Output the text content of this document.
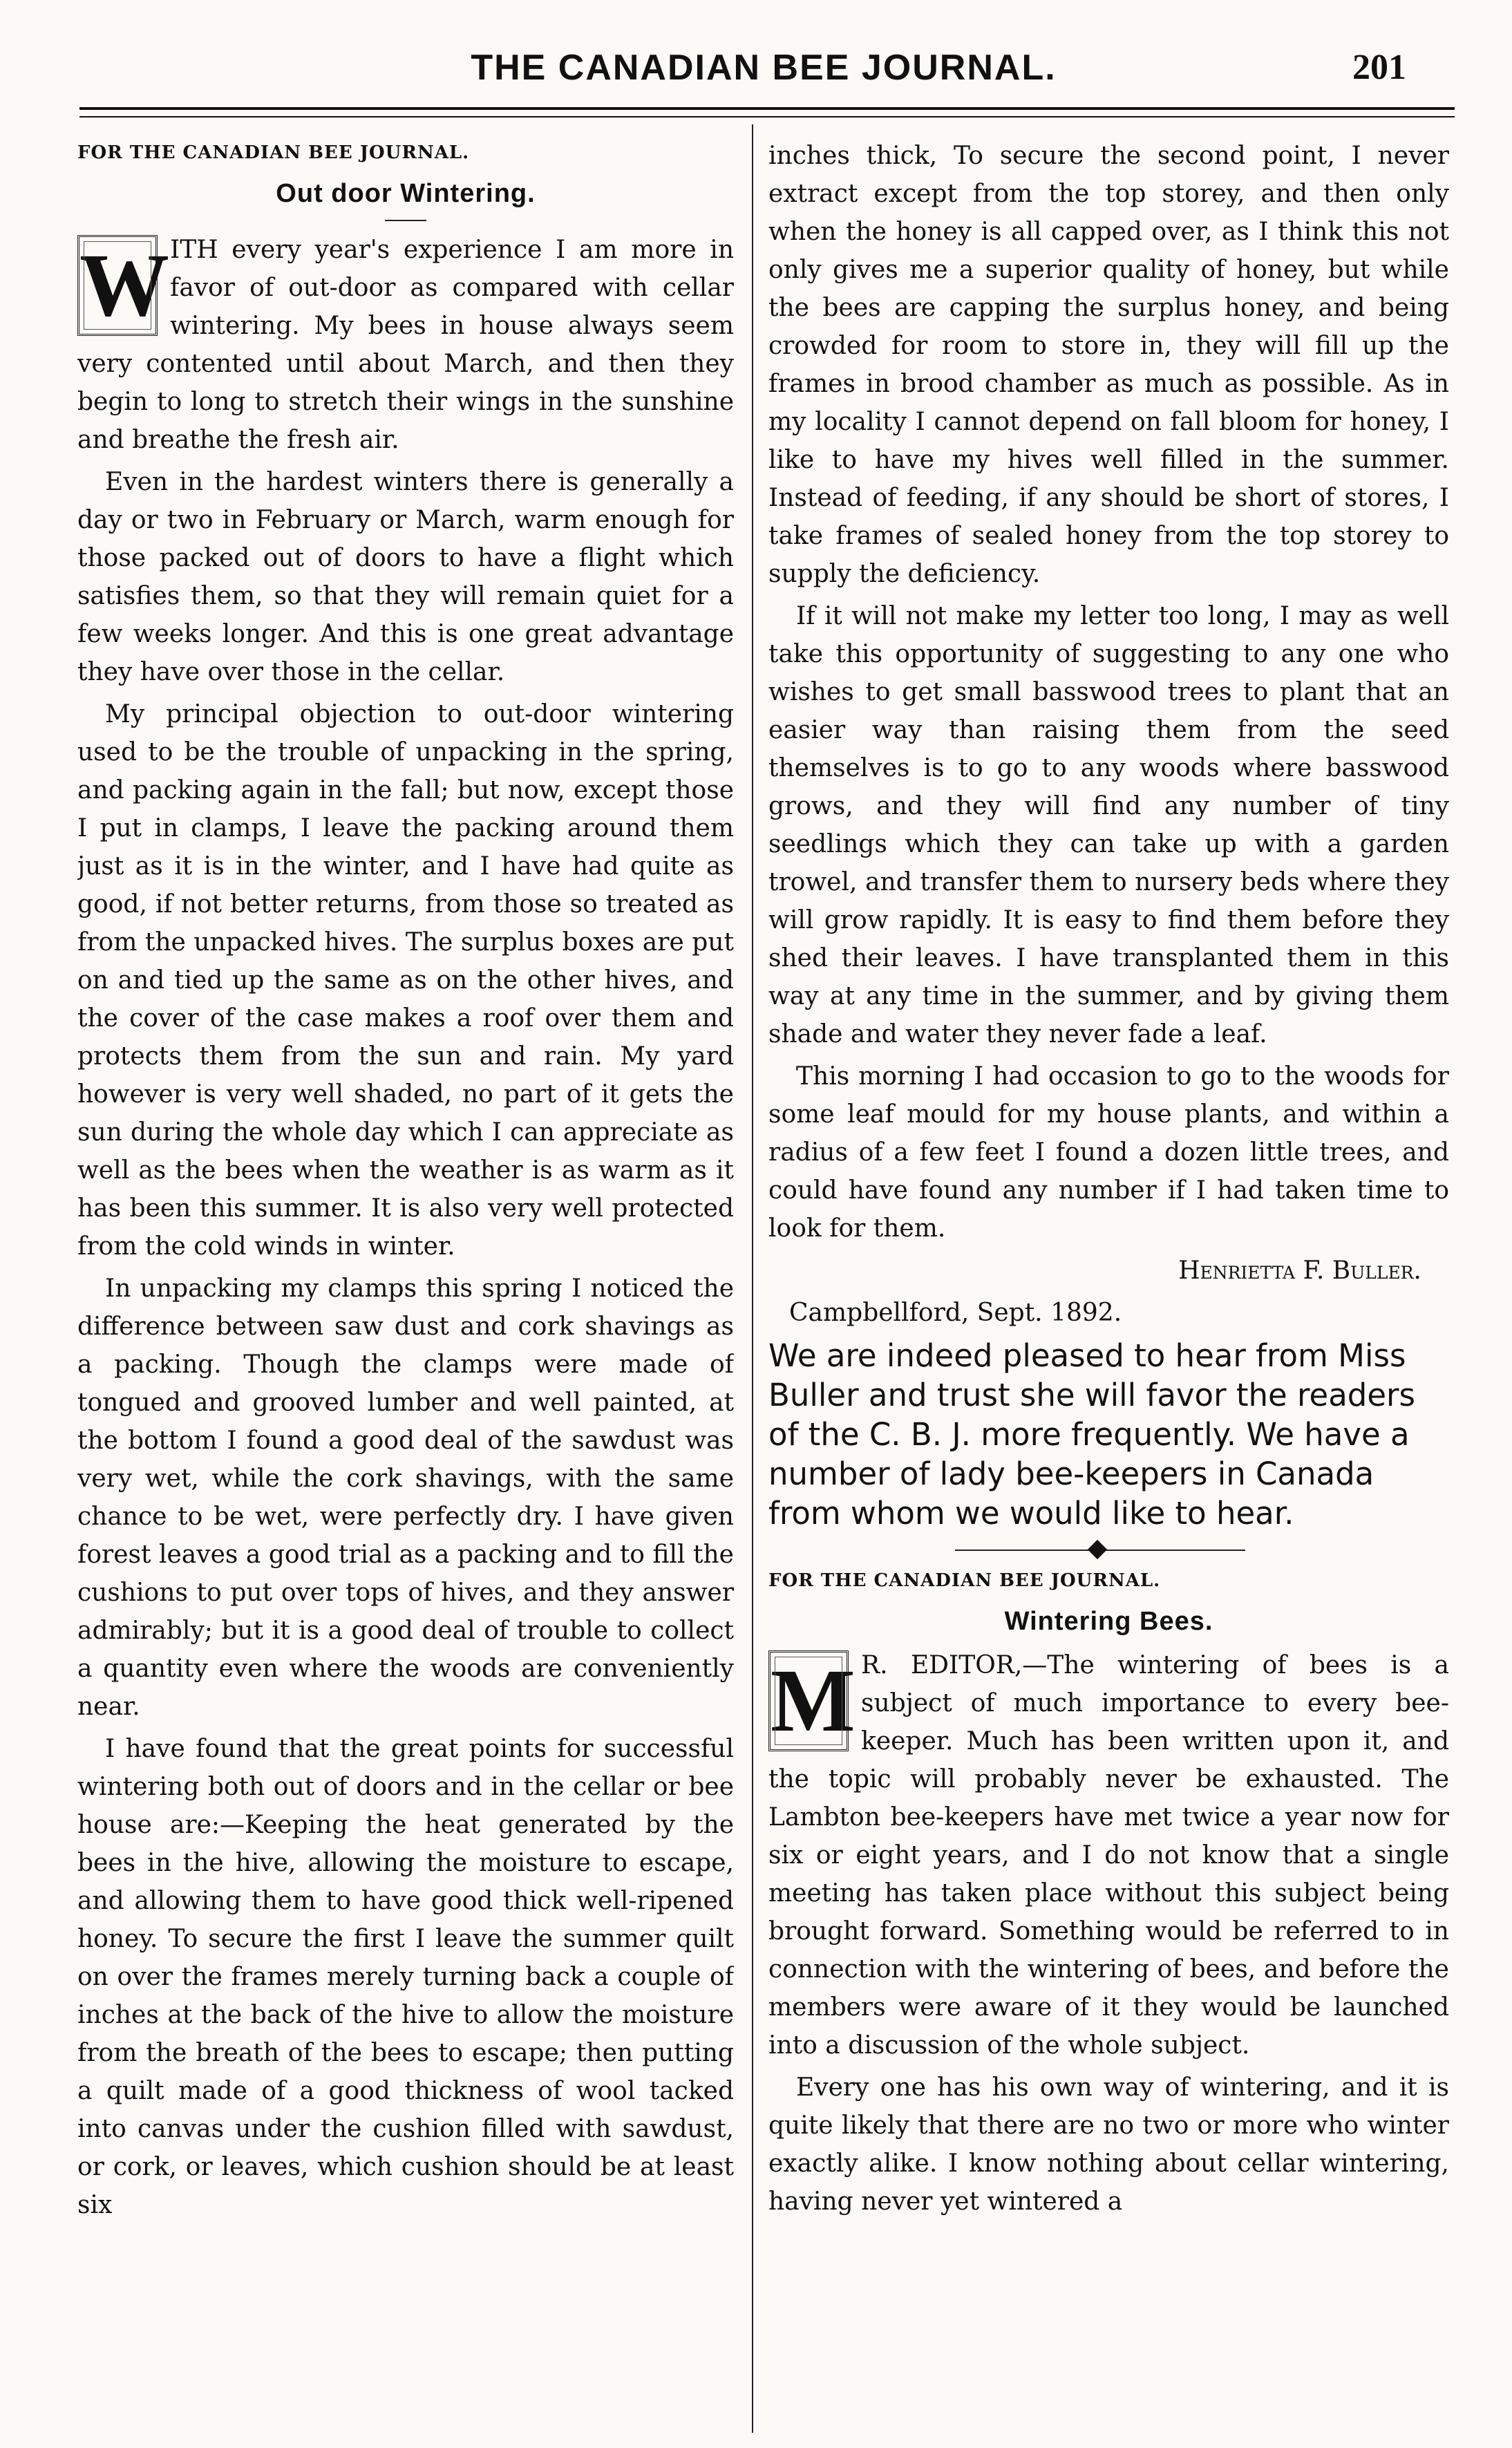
THE CANADIAN BEE JOURNAL.	201

FOR THE CANADIAN BEE JOURNAL.

Out door Wintering.

W ITH every year's experience I am more in favor of out-door as compared with cellar wintering. My bees in house always seem very contented until about March, and then they begin to long to stretch their wings in the sunshine and breathe the fresh air.

Even in the hardest winters there is generally a day or two in February or March, warm enough for those packed out of doors to have a flight which satisfies them, so that they will remain quiet for a few weeks longer. And this is one great advantage they have over those in the cellar.

My principal objection to out-door wintering used to be the trouble of unpacking in the spring, and packing again in the fall; but now, except those I put in clamps, I leave the packing around them just as it is in the winter, and I have had quite as good, if not better returns, from those so treated as from the unpacked hives. The surplus boxes are put on and tied up the same as on the other hives, and the cover of the case makes a roof over them and protects them from the sun and rain. My yard however is very well shaded, no part of it gets the sun during the whole day which I can appreciate as well as the bees when the weather is as warm as it has been this summer. It is also very well protected from the cold winds in winter.

In unpacking my clamps this spring I noticed the difference between saw dust and cork shavings as a packing. Though the clamps were made of tongued and grooved lumber and well painted, at the bottom I found a good deal of the sawdust was very wet, while the cork shavings, with the same chance to be wet, were perfectly dry. I have given forest leaves a good trial as a packing and to fill the cushions to put over tops of hives, and they answer admirably; but it is a good deal of trouble to collect a quantity even where the woods are conveniently near.

I have found that the great points for successful wintering both out of doors and in the cellar or bee house are:—Keeping the heat generated by the bees in the hive, allowing the moisture to escape, and allowing them to have good thick well-ripened honey. To secure the first I leave the summer quilt on over the frames merely turning back a couple of inches at the back of the hive to allow the moisture from the breath of the bees to escape; then putting a quilt made of a good thickness of wool tacked into canvas under the cushion filled with sawdust, or cork, or leaves, which cushion should be at least six

inches thick, To secure the second point, I never extract except from the top storey, and then only when the honey is all capped over, as I think this not only gives me a superior quality of honey, but while the bees are capping the surplus honey, and being crowded for room to store in, they will fill up the frames in brood chamber as much as possible. As in my locality I cannot depend on fall bloom for honey, I like to have my hives well filled in the summer. Instead of feeding, if any should be short of stores, I take frames of sealed honey from the top storey to supply the deficiency.

If it will not make my letter too long, I may as well take this opportunity of suggesting to any one who wishes to get small basswood trees to plant that an easier way than raising them from the seed themselves is to go to any woods where basswood grows, and they will find any number of tiny seedlings which they can take up with a garden trowel, and transfer them to nursery beds where they will grow rapidly. It is easy to find them before they shed their leaves. I have transplanted them in this way at any time in the summer, and by giving them shade and water they never fade a leaf.

This morning I had occasion to go to the woods for some leaf mould for my house plants, and within a radius of a few feet I found a dozen little trees, and could have found any number if I had taken time to look for them.

Henrietta F. Buller.

Campbellford, Sept. 1892.

We are indeed pleased to hear from Miss Buller and trust she will favor the readers of the C. B. J. more frequently. We have a number of lady bee-keepers in Canada from whom we would like to hear.

FOR THE CANADIAN BEE JOURNAL.

Wintering Bees.

M R. EDITOR,—The wintering of bees is a subject of much importance to every bee-keeper. Much has been written upon it, and the topic will probably never be exhausted. The Lambton bee-keepers have met twice a year now for six or eight years, and I do not know that a single meeting has taken place without this subject being brought forward. Something would be referred to in connection with the wintering of bees, and before the members were aware of it they would be launched into a discussion of the whole subject.

Every one has his own way of wintering, and it is quite likely that there are no two or more who winter exactly alike. I know nothing about cellar wintering, having never yet wintered a
